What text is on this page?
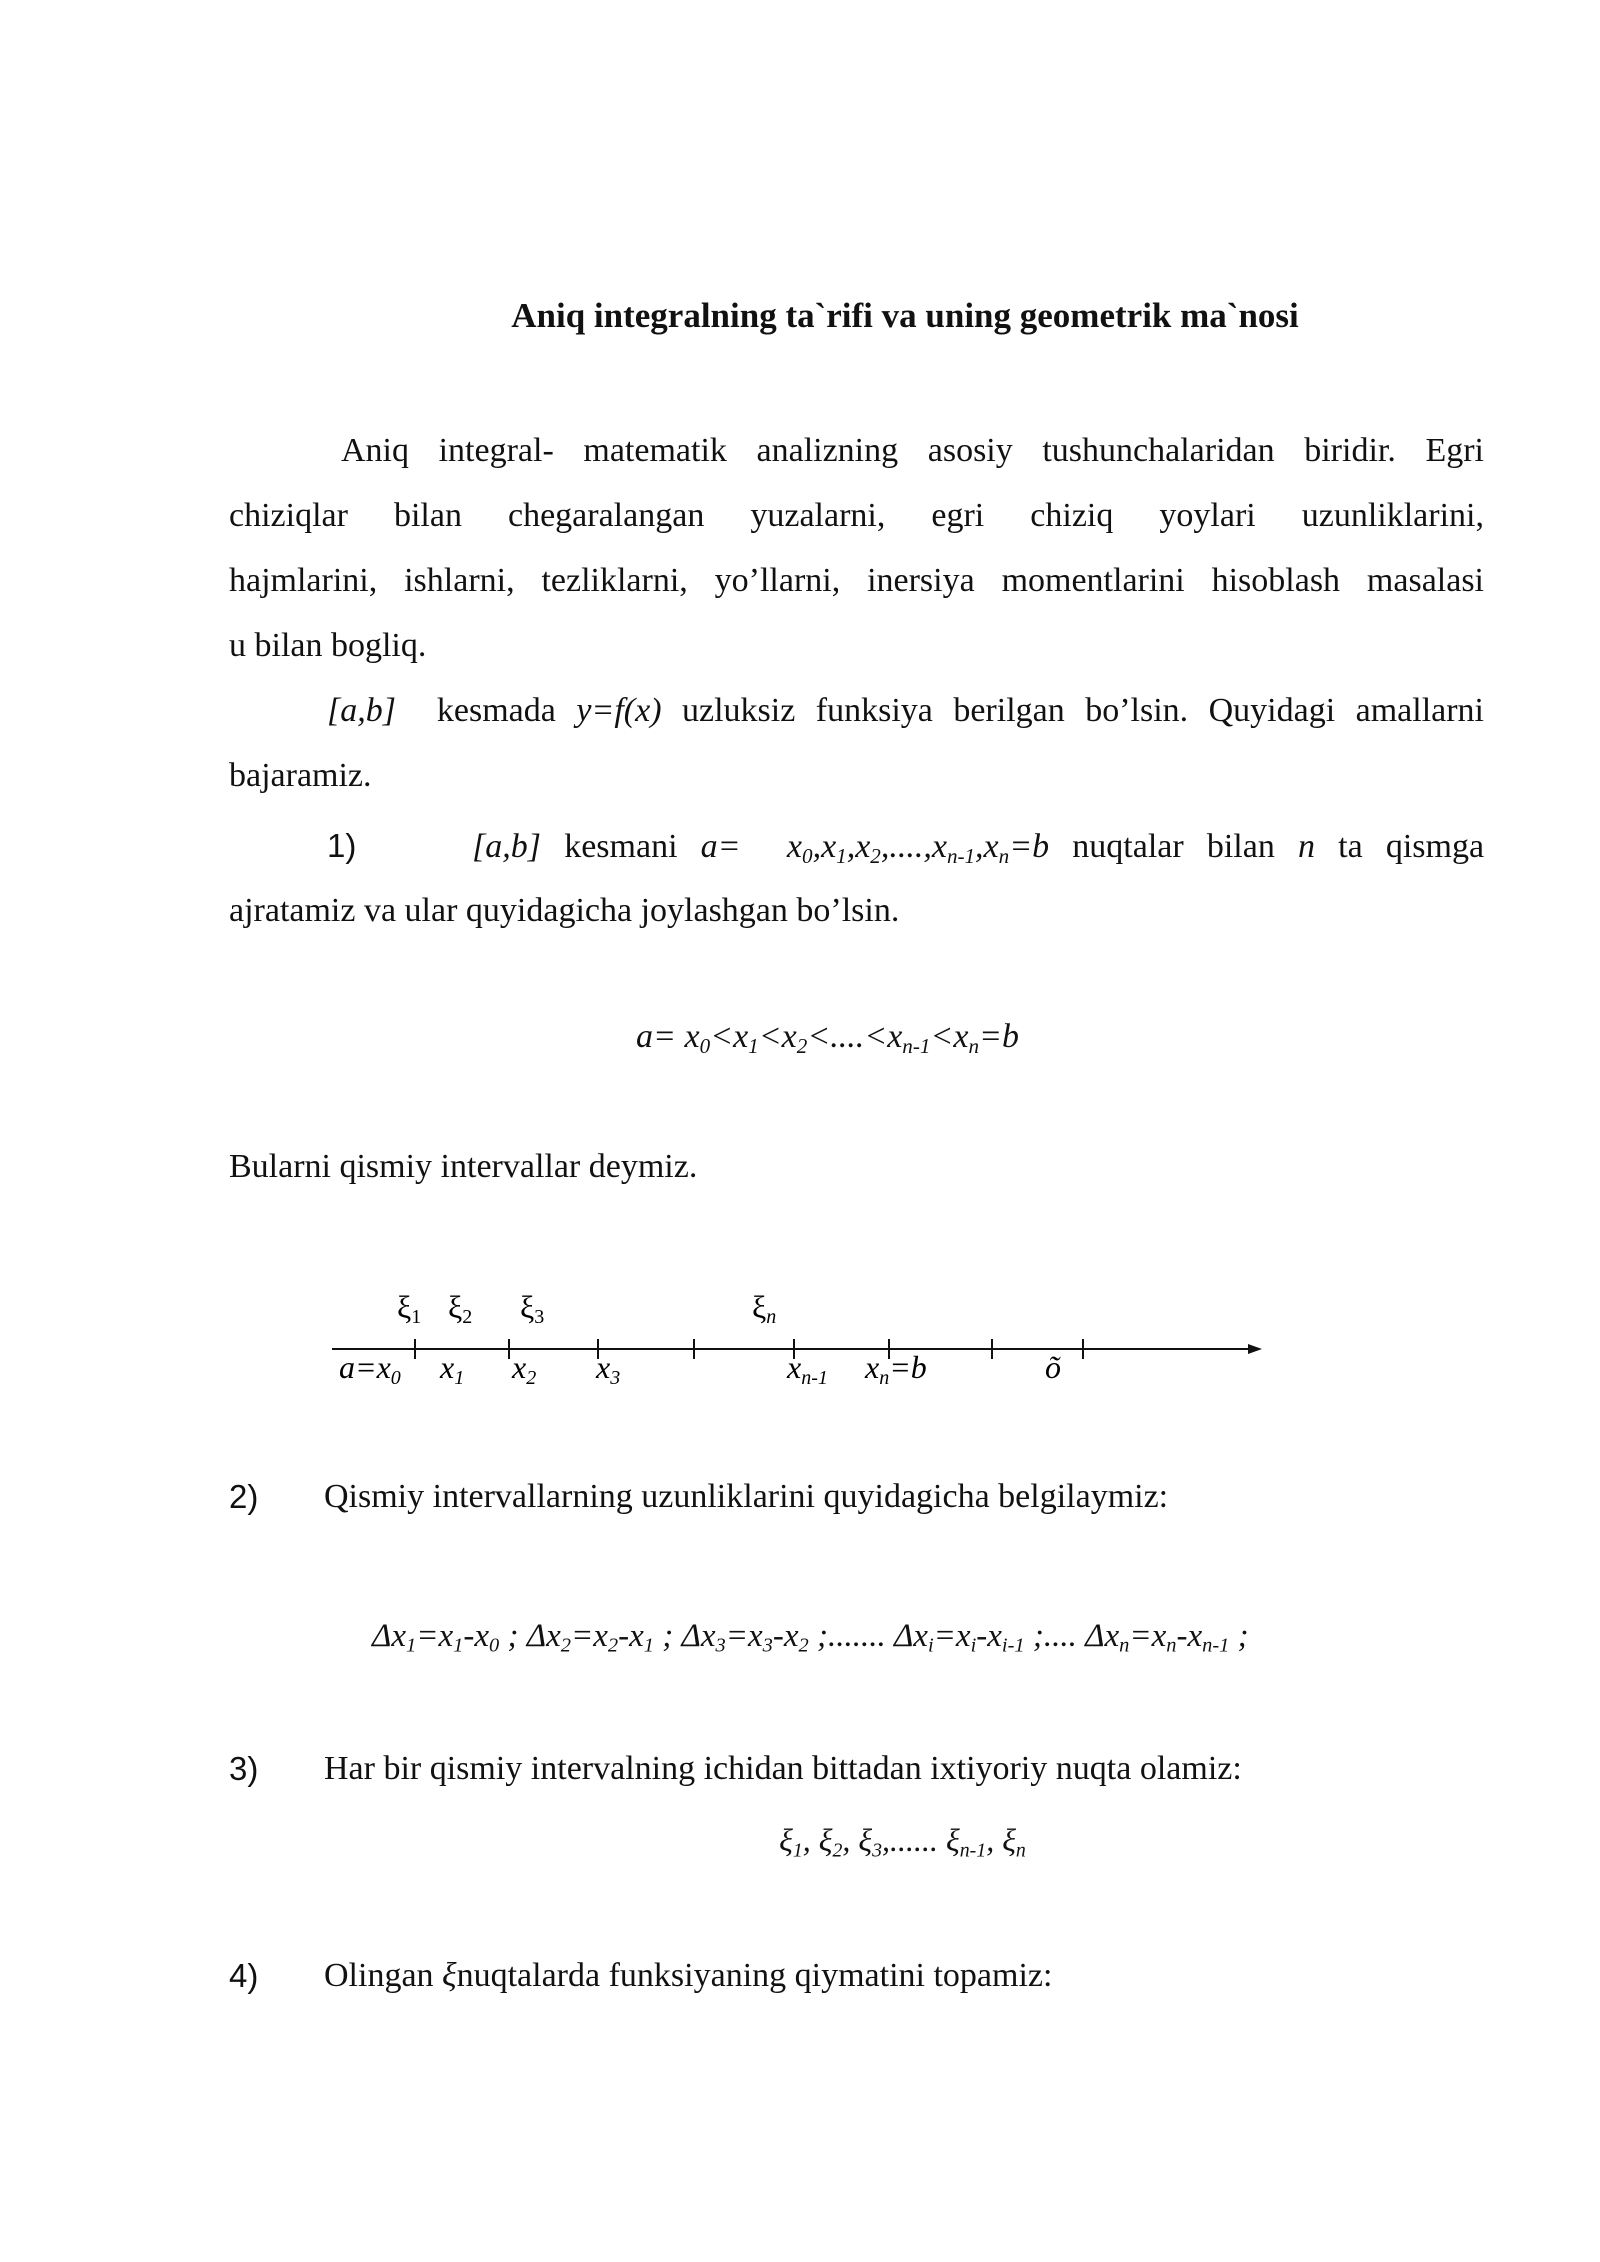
Aniq integralning ta`rifi va uning geometrik ma`nosi
Aniq integral- matematik analizning asosiy tushunchalaridan biridir. Egri
chiziqlar bilan chegaralangan yuzalarni, egri chiziq yoylari uzunliklarini,
hajmlarini, ishlarni, tezliklarni, yo’llarni, inersiya momentlarini hisoblash masalasi
u bilan bogliq.
[a,b] kesmada y=f(x) uzluksiz funksiya berilgan bo’lsin. Quyidagi amallarni
bajaramiz.
1)	[a,b] kesmani $a= x_0,x_1,x_2,....,x_{n-1},x_n=b$ nuqtalar bilan n ta qismga
ajratamiz va ular quyidagicha joylashgan bo’lsin.
$a= x_0<x_1<x_2<....<x_{n-1}<x_n=b$
Bularni qismiy intervallar deymiz.
ξ1 ξ2 ξ3	ξn
a=x0 x1 x2 x3	xn-1 xn=b	õ
2) Qismiy intervallarning uzunliklarini quyidagicha belgilaymiz:
$\Delta x_1=x_1-x_0$ ; $\Delta x_2=x_2-x_1$ ; $\Delta x_3=x_3-x_2$ ;....... $\Delta x_i=x_i-x_{i-1}$ ;.... $\Delta x_n=x_n-x_{n-1}$ ;
3) Har bir qismiy intervalning ichidan bittadan ixtiyoriy nuqta olamiz:
$\xi_1$, $\xi_2$, $\xi_3$,...... $\xi_{n-1}$, $\xi_n$
4) Olingan ξnuqtalarda funksiyaning qiymatini topamiz:
